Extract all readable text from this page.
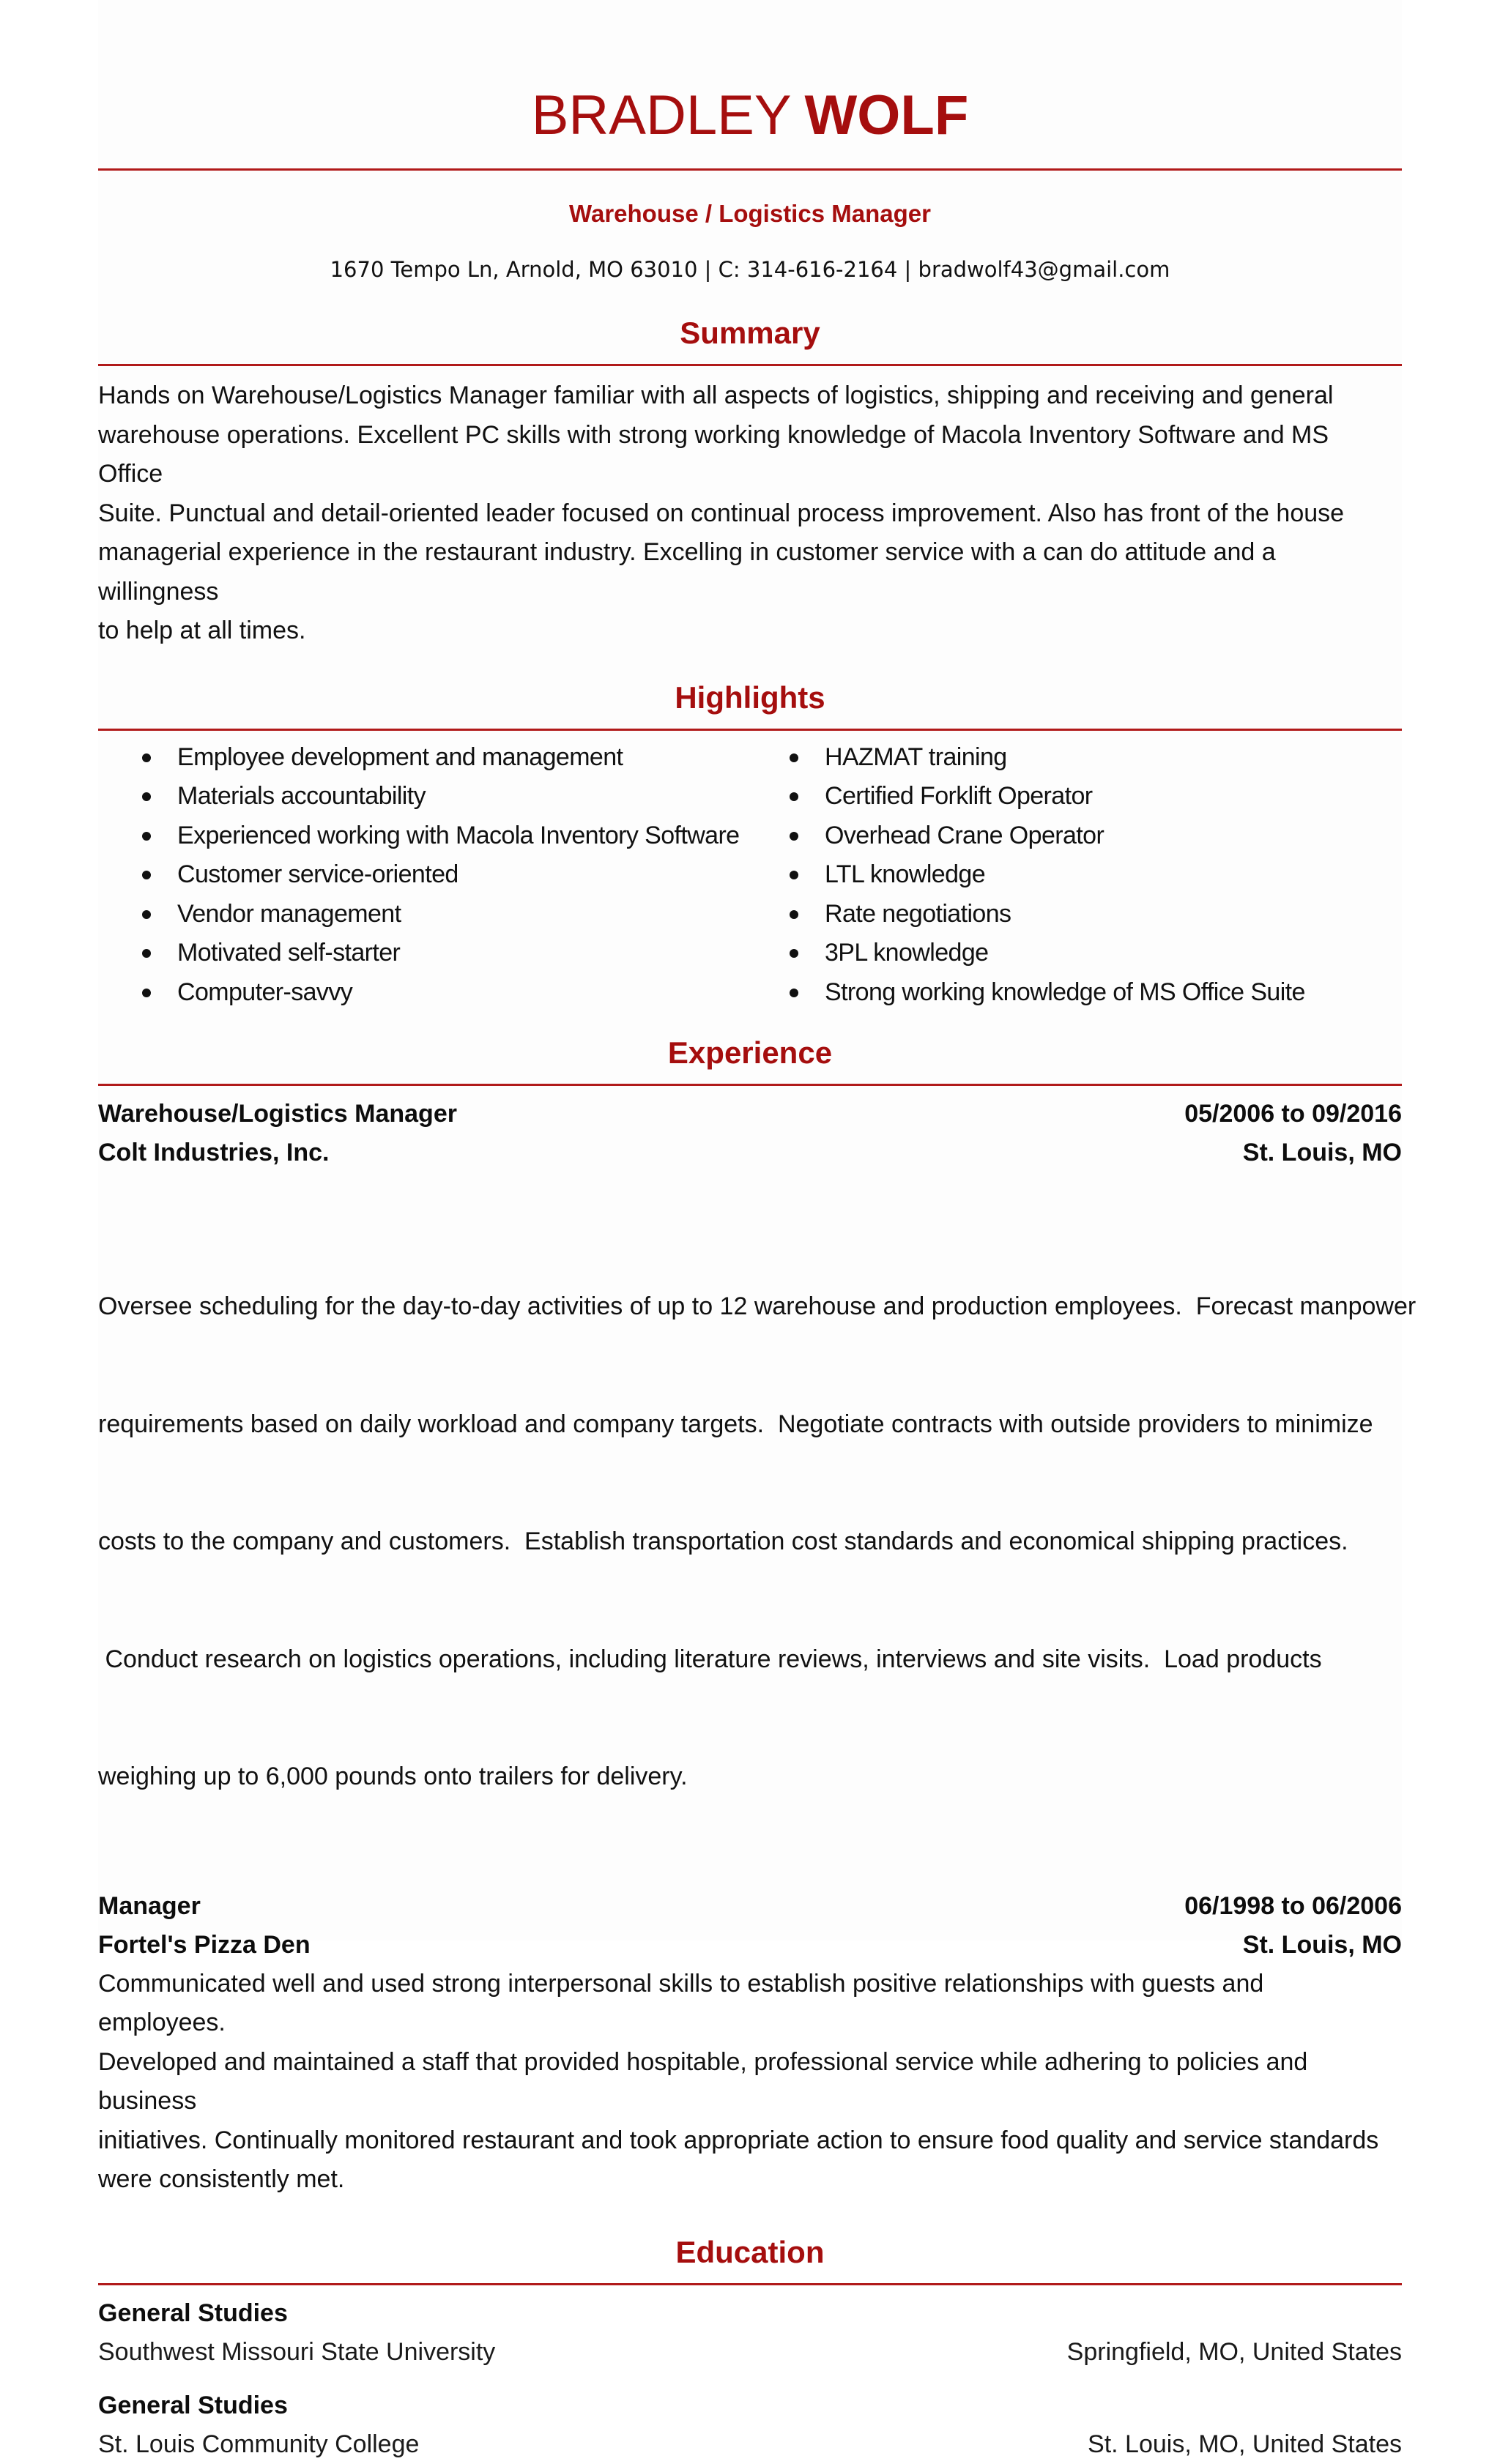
BRADLEY WOLF
Warehouse / Logistics Manager
1670 Tempo Ln, Arnold, MO 63010 | C: 314-616-2164 | bradwolf43@gmail.com
Summary
Hands on Warehouse/Logistics Manager familiar with all aspects of logistics, shipping and receiving and general
warehouse operations. Excellent PC skills with strong working knowledge of Macola Inventory Software and MS Office
Suite. Punctual and detail-oriented leader focused on continual process improvement. Also has front of the house
managerial experience in the restaurant industry. Excelling in customer service with a can do attitude and a willingness
to help at all times.
Highlights
Employee development and management
Materials accountability
Experienced working with Macola Inventory Software
Customer service-oriented
Vendor management
Motivated self-starter
Computer-savvy
HAZMAT training
Certified Forklift Operator
Overhead Crane Operator
LTL knowledge
Rate negotiations
3PL knowledge
Strong working knowledge of MS Office Suite
Experience
Warehouse/Logistics Manager	05/2006 to 09/2016
Colt Industries, Inc.	St. Louis, MO

Oversee scheduling for the day-to-day activities of up to 12 warehouse and production employees.  Forecast manpower

requirements based on daily workload and company targets.  Negotiate contracts with outside providers to minimize

costs to the company and customers.  Establish transportation cost standards and economical shipping practices.

Conduct research on logistics operations, including literature reviews, interviews and site visits.  Load products

weighing up to 6,000 pounds onto trailers for delivery.

Manager	06/1998 to 06/2006
Fortel's Pizza Den	St. Louis, MO
Communicated well and used strong interpersonal skills to establish positive relationships with guests and employees.
Developed and maintained a staff that provided hospitable, professional service while adhering to policies and business
initiatives. Continually monitored restaurant and took appropriate action to ensure food quality and service standards
were consistently met.
Education
General Studies
Southwest Missouri State University	Springfield, MO, United States
General Studies
St. Louis Community College	St. Louis, MO, United States
